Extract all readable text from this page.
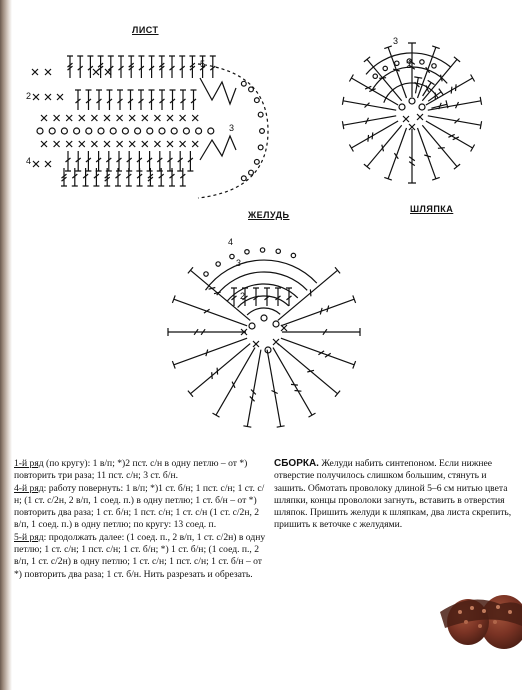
2
3
4
5	2
3
2
3
4
ЛИСТ
ШЛЯПКА
ЖЕЛУДЬ

1-й ряд (по кругу): 1 в/п; *)2 пст. с/н в одну петлю – от *) повторить три раза; 11 пст. с/н; 3 ст. б/н.

4-й ряд: работу повернуть: 1 в/п; *)1 ст. б/н; 1 пст. с/н; 1 ст. с/н; (1 ст. с/2н, 2 в/п, 1 соед. п.) в одну петлю; 1 ст. б/н – от *) повторить два раза; 1 ст. б/н; 1 пст. с/н; 1 ст. с/н (1 ст. с/2н, 2 в/п, 1 соед. п.) в одну петлю; по кругу: 13 соед. п.

5-й ряд: продолжать далее: (1 соед. п., 2 в/п, 1 ст. с/2н) в одну петлю; 1 ст. с/н; 1 пст. с/н; 1 ст. б/н; *) 1 ст. б/н; (1 соед. п., 2 в/п, 1 ст. с/2н) в одну петлю; 1 ст. с/н; 1 пст. с/н; 1 ст. б/н – от *) повторить два раза; 1 ст. б/н. Нить разрезать и обрезать.

СБОРКА. Желуди набить синтепоном. Если нижнее отверстие получилось слишком большим, стянуть и зашить. Обмотать проволоку длиной 5–6 см нитью цвета шляпки, концы проволоки загнуть, вставить в отверстия шляпок. Пришить желуди к шляпкам, два листа скрепить, пришить к веточке с желудями.
